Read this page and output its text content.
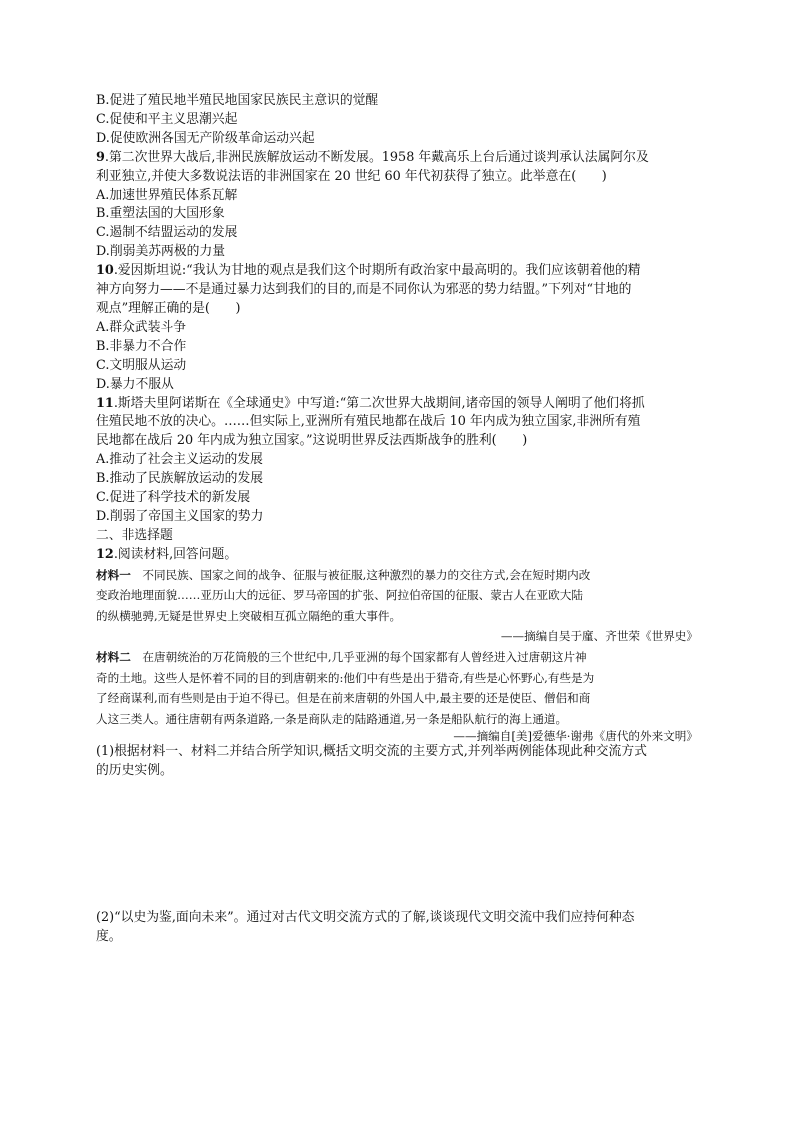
B.促进了殖民地半殖民地国家民族民主意识的觉醒
C.促使和平主义思潮兴起
D.促使欧洲各国无产阶级革命运动兴起
9.第二次世界大战后,非洲民族解放运动不断发展。1958 年戴高乐上台后通过谈判承认法属阿尔及
利亚独立,并使大多数说法语的非洲国家在 20 世纪 60 年代初获得了独立。此举意在(　　)
A.加速世界殖民体系瓦解
B.重塑法国的大国形象
C.遏制不结盟运动的发展
D.削弱美苏两极的力量
10.爱因斯坦说:“我认为甘地的观点是我们这个时期所有政治家中最高明的。我们应该朝着他的精
神方向努力——不是通过暴力达到我们的目的,而是不同你认为邪恶的势力结盟。”下列对“甘地的
观点”理解正确的是(　　)
A.群众武装斗争
B.非暴力不合作
C.文明服从运动
D.暴力不服从
11.斯塔夫里阿诺斯在《全球通史》中写道:“第二次世界大战期间,诸帝国的领导人阐明了他们将抓
住殖民地不放的决心。……但实际上,亚洲所有殖民地都在战后 10 年内成为独立国家,非洲所有殖
民地都在战后 20 年内成为独立国家。”这说明世界反法西斯战争的胜利(　　)
A.推动了社会主义运动的发展
B.推动了民族解放运动的发展
C.促进了科学技术的新发展
D.削弱了帝国主义国家的势力
二、非选择题
12.阅读材料,回答问题。
材料一　不同民族、国家之间的战争、征服与被征服,这种激烈的暴力的交往方式,会在短时期内改
变政治地理面貌……亚历山大的远征、罗马帝国的扩张、阿拉伯帝国的征服、蒙古人在亚欧大陆
的纵横驰骋,无疑是世界史上突破相互孤立隔绝的重大事件。
——摘编自吴于廑、齐世荣《世界史》
材料二　在唐朝统治的万花筒般的三个世纪中,几乎亚洲的每个国家都有人曾经进入过唐朝这片神
奇的土地。这些人是怀着不同的目的到唐朝来的:他们中有些是出于猎奇,有些是心怀野心,有些是为
了经商谋利,而有些则是由于迫不得已。但是在前来唐朝的外国人中,最主要的还是使臣、僧侣和商
人这三类人。通往唐朝有两条道路,一条是商队走的陆路通道,另一条是船队航行的海上通道。
——摘编自[美]爱德华·谢弗《唐代的外来文明》
(1)根据材料一、材料二并结合所学知识,概括文明交流的主要方式,并列举两例能体现此种交流方式
的历史实例。
(2)“以史为鉴,面向未来”。通过对古代文明交流方式的了解,谈谈现代文明交流中我们应持何种态
度。
